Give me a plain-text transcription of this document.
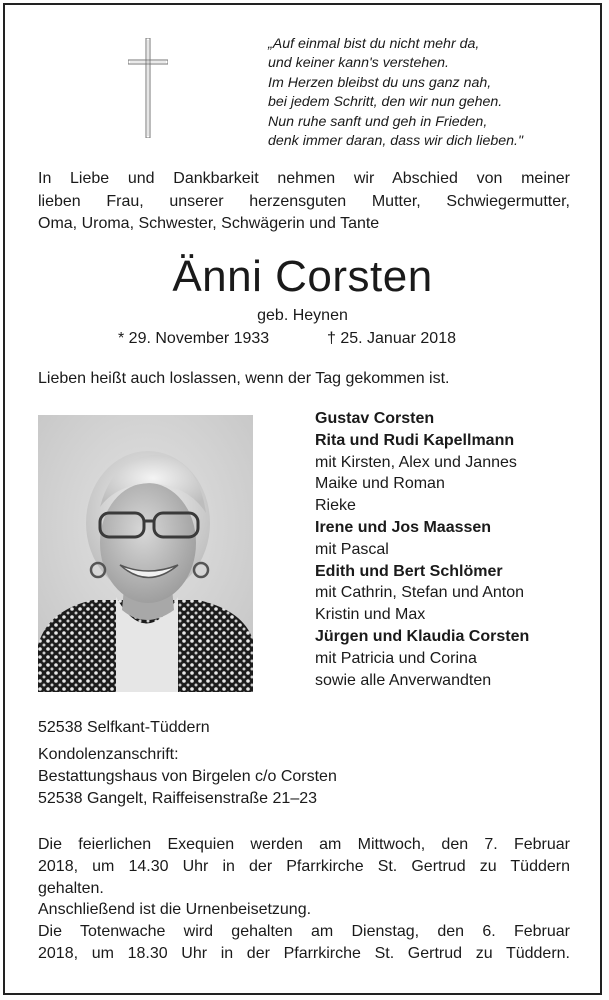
„Auf einmal bist du nicht mehr da,
und keiner kann's verstehen.
Im Herzen bleibst du uns ganz nah,
bei jedem Schritt, den wir nun gehen.
Nun ruhe sanft und geh in Frieden,
denk immer daran, dass wir dich lieben."
In Liebe und Dankbarkeit nehmen wir Abschied von meiner
lieben Frau, unserer herzensguten Mutter, Schwiegermutter,
Oma, Uroma, Schwester, Schwägerin und Tante
Änni Corsten
geb. Heynen
* 29. November 1933	† 25. Januar 2018
Lieben heißt auch loslassen, wenn der Tag gekommen ist.
Gustav Corsten
Rita und Rudi Kapellmann
mit Kirsten, Alex und Jannes
Maike und Roman
Rieke
Irene und Jos Maassen
mit Pascal
Edith und Bert Schlömer
mit Cathrin, Stefan und Anton
Kristin und Max
Jürgen und Klaudia Corsten
mit Patricia und Corina
sowie alle Anverwandten
52538 Selfkant-Tüddern
Kondolenzanschrift:
Bestattungshaus von Birgelen c/o Corsten
52538 Gangelt, Raiffeisenstraße 21–23
Die feierlichen Exequien werden am Mittwoch, den 7. Februar
2018, um 14.30 Uhr in der Pfarrkirche St. Gertrud zu Tüddern
gehalten.
Anschließend ist die Urnenbeisetzung.
Die Totenwache wird gehalten am Dienstag, den 6. Februar
2018, um 18.30 Uhr in der Pfarrkirche St. Gertrud zu Tüddern.
